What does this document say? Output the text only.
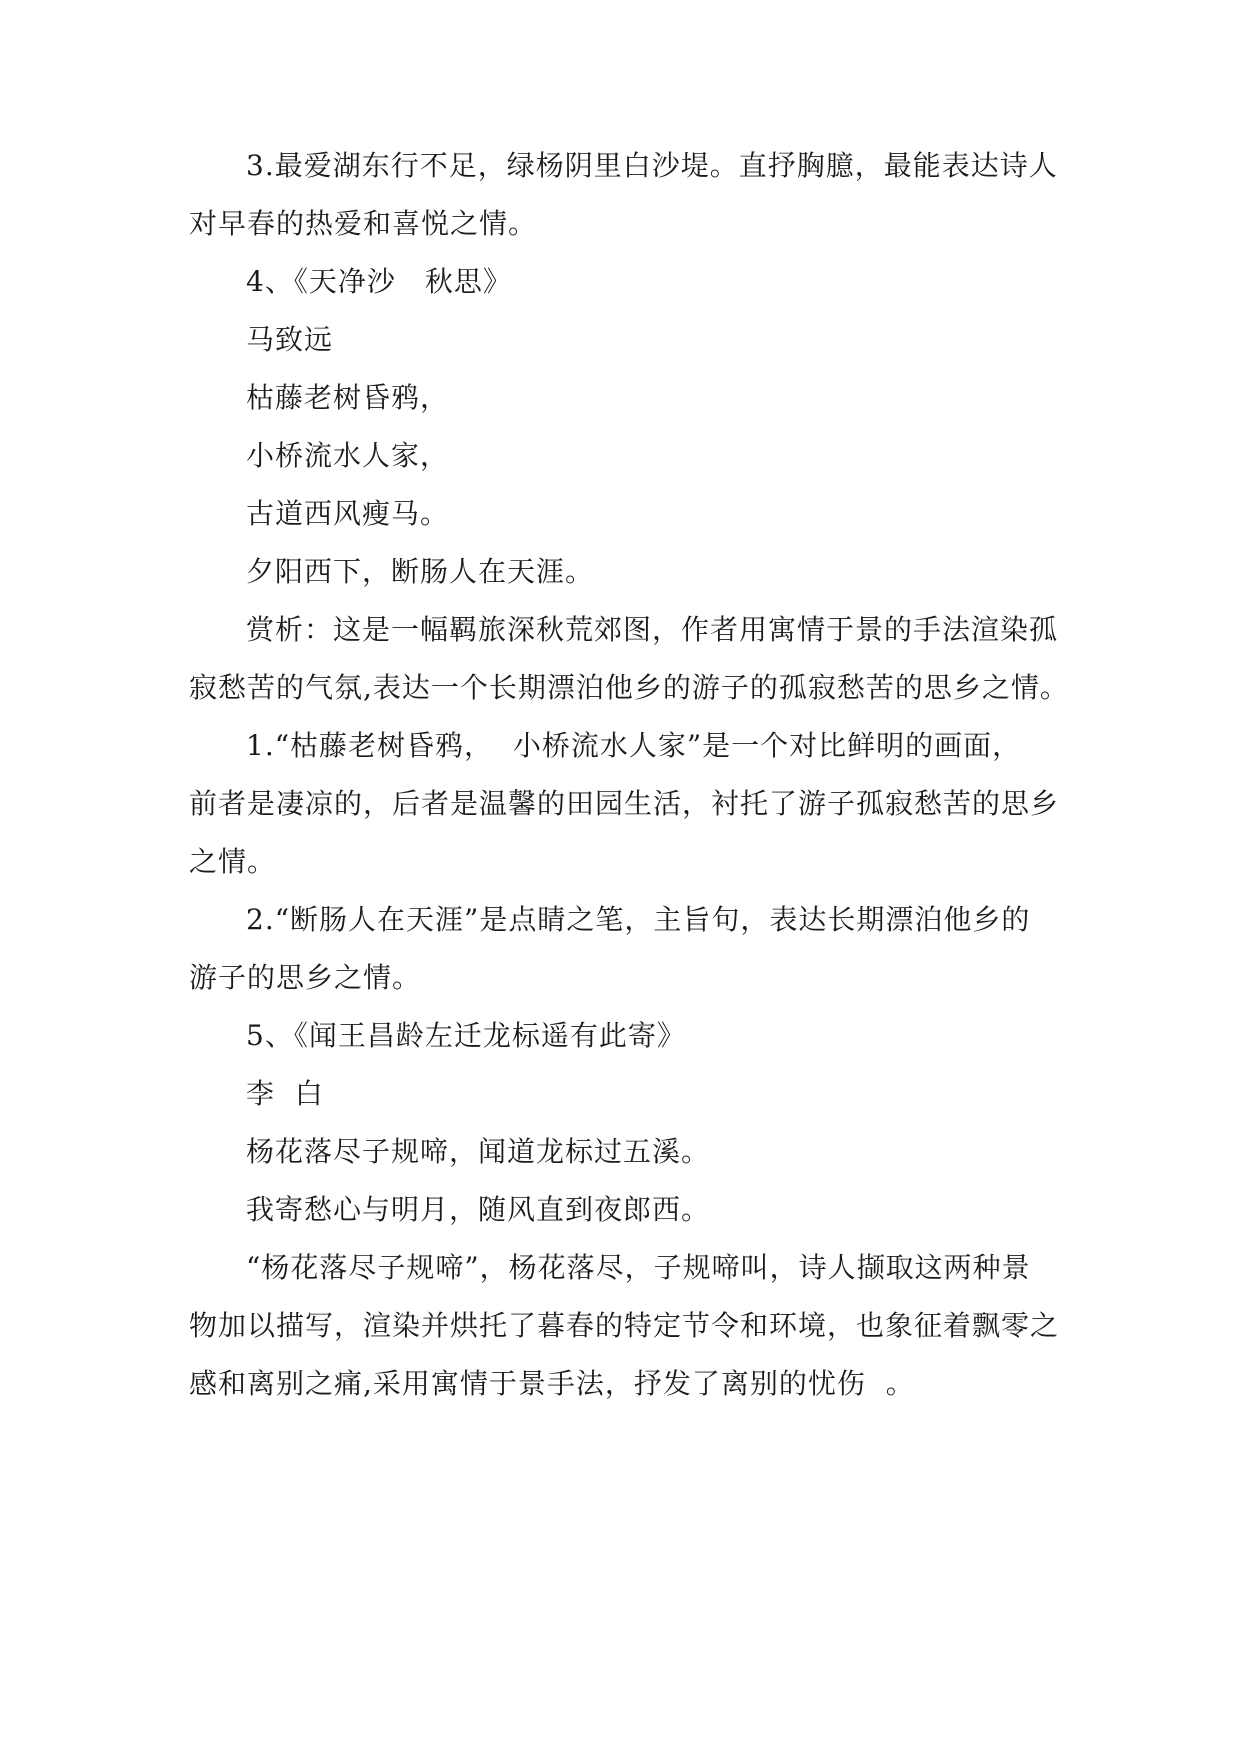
3.最爱湖东行不足，绿杨阴里白沙堤。直抒胸臆，最能表达诗人
对早春的热爱和喜悦之情。
4、《天净沙　秋思》
马致远
枯藤老树昏鸦，
小桥流水人家，
古道西风瘦马。
夕阳西下，断肠人在天涯。
赏析：这是一幅羁旅深秋荒郊图，作者用寓情于景的手法渲染孤
寂愁苦的气氛,表达一个长期漂泊他乡的游子的孤寂愁苦的思乡之情。
1.“枯藤老树昏鸦，  小桥流水人家”是一个对比鲜明的画面，
前者是凄凉的，后者是温馨的田园生活，衬托了游子孤寂愁苦的思乡
之情。
2.“断肠人在天涯”是点睛之笔，主旨句，表达长期漂泊他乡的
游子的思乡之情。
5、《闻王昌龄左迁龙标遥有此寄》
李  白
杨花落尽子规啼，闻道龙标过五溪。
我寄愁心与明月，随风直到夜郎西。
“杨花落尽子规啼”，杨花落尽，子规啼叫，诗人撷取这两种景
物加以描写，渲染并烘托了暮春的特定节令和环境，也象征着飘零之
感和离别之痛,采用寓情于景手法，抒发了离别的忧伤  。
